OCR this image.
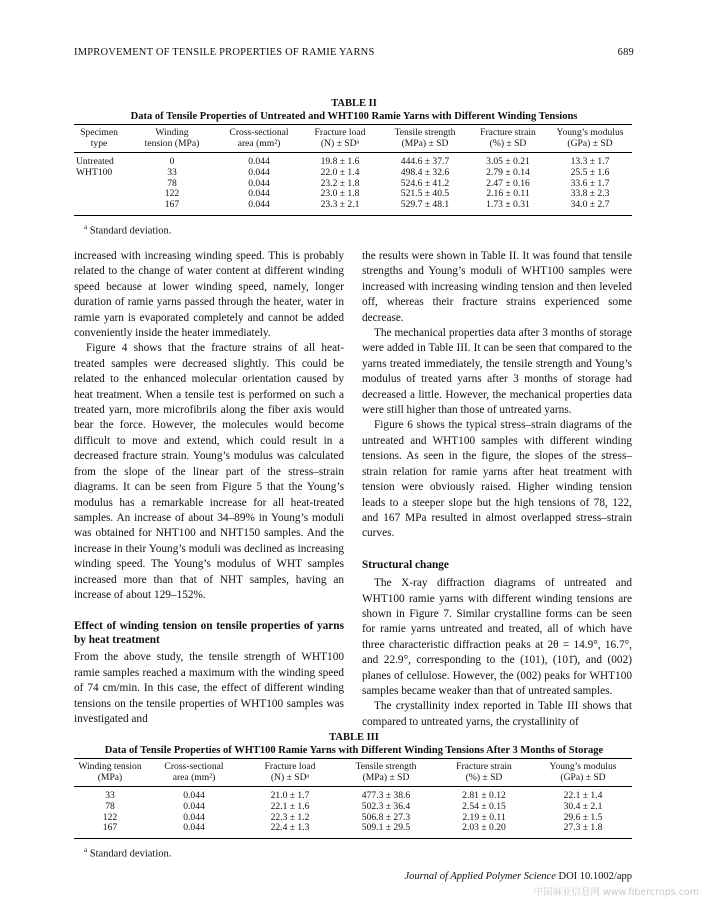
IMPROVEMENT OF TENSILE PROPERTIES OF RAMIE YARNS	689
TABLE II
Data of Tensile Properties of Untreated and WHT100 Ramie Yarns with Different Winding Tensions
Specimen	Winding	Cross-sectional	Fracture load	Tensile strength	Fracture strain	Young’s modulus
type	tension (MPa)	area (mm²)	(N) ± SDᵃ	(MPa) ± SD	(%) ± SD	(GPa) ± SD
Untreated	0	0.044	19.8 ± 1.6	444.6 ± 37.7	3.05 ± 0.21	13.3 ± 1.7
WHT100	33	0.044	22.0 ± 1.4	498.4 ± 32.6	2.79 ± 0.14	25.5 ± 1.6
	78	0.044	23.2 ± 1.8	524.6 ± 41.2	2.47 ± 0.16	33.6 ± 1.7
	122	0.044	23.0 ± 1.8	521.5 ± 40.5	2.16 ± 0.11	33.8 ± 2.3
	167	0.044	23.3 ± 2.1	529.7 ± 48.1	1.73 ± 0.31	34.0 ± 2.7
$^a$ Standard deviation.

increased with increasing winding speed. This is probably related to the change of water content at different winding speed because at lower winding speed, namely, longer duration of ramie yarns passed through the heater, water in ramie yarn is evaporated completely and cannot be added conveniently inside the heater immediately.

Figure 4 shows that the fracture strains of all heat-treated samples were decreased slightly. This could be related to the enhanced molecular orientation caused by heat treatment. When a tensile test is performed on such a treated yarn, more microfibrils along the fiber axis would bear the force. However, the molecules would become difficult to move and extend, which could result in a decreased fracture strain. Young’s modulus was calculated from the slope of the linear part of the stress–strain diagrams. It can be seen from Figure 5 that the Young’s modulus has a remarkable increase for all heat-treated samples. An increase of about 34–89% in Young’s moduli was obtained for NHT100 and NHT150 samples. And the increase in their Young’s moduli was declined as increasing winding speed. The Young’s modulus of WHT samples increased more than that of NHT samples, having an increase of about 129–152%.

Effect of winding tension on tensile properties of yarns by heat treatment

From the above study, the tensile strength of WHT100 ramie samples reached a maximum with the winding speed of 74 cm/min. In this case, the effect of different winding tensions on the tensile properties of WHT100 samples was investigated and

the results were shown in Table II. It was found that tensile strengths and Young’s moduli of WHT100 samples were increased with increasing winding tension and then leveled off, whereas their fracture strains experienced some decrease.

The mechanical properties data after 3 months of storage were added in Table III. It can be seen that compared to the yarns treated immediately, the tensile strength and Young’s modulus of treated yarns after 3 months of storage had decreased a little. However, the mechanical properties data were still higher than those of untreated yarns.

Figure 6 shows the typical stress–strain diagrams of the untreated and WHT100 samples with different winding tensions. As seen in the figure, the slopes of the stress–strain relation for ramie yarns after heat treatment with tension were obviously raised. Higher winding tension leads to a steeper slope but the high tensions of 78, 122, and 167 MPa resulted in almost overlapped stress–strain curves.

Structural change

The X-ray diffraction diagrams of untreated and WHT100 ramie yarns with different winding tensions are shown in Figure 7. Similar crystalline forms can be seen for ramie yarns untreated and treated, all of which have three characteristic diffraction peaks at 2θ = 14.9°, 16.7°, and 22.9°, corresponding to the (101), (101̄), and (002) planes of cellulose. However, the (002) peaks for WHT100 samples became weaker than that of untreated samples.

The crystallinity index reported in Table III shows that compared to untreated yarns, the crystallinity of

TABLE III
Data of Tensile Properties of WHT100 Ramie Yarns with Different Winding Tensions After 3 Months of Storage
Winding tension	Cross-sectional	Fracture load	Tensile strength	Fracture strain	Young’s modulus
(MPa)	area (mm²)	(N) ± SDᵃ	(MPa) ± SD	(%) ± SD	(GPa) ± SD
33	0.044	21.0 ± 1.7	477.3 ± 38.6	2.81 ± 0.12	22.1 ± 1.4
78	0.044	22.1 ± 1.6	502.3 ± 36.4	2.54 ± 0.15	30.4 ± 2.1
122	0.044	22.3 ± 1.2	506.8 ± 27.3	2.19 ± 0.11	29.6 ± 1.5
167	0.044	22.4 ± 1.3	509.1 ± 29.5	2.03 ± 0.20	27.3 ± 1.8
$^a$ Standard deviation.
Journal of Applied Polymer Science DOI 10.1002/app
中国麻业信息网 www.fibercrops.com
